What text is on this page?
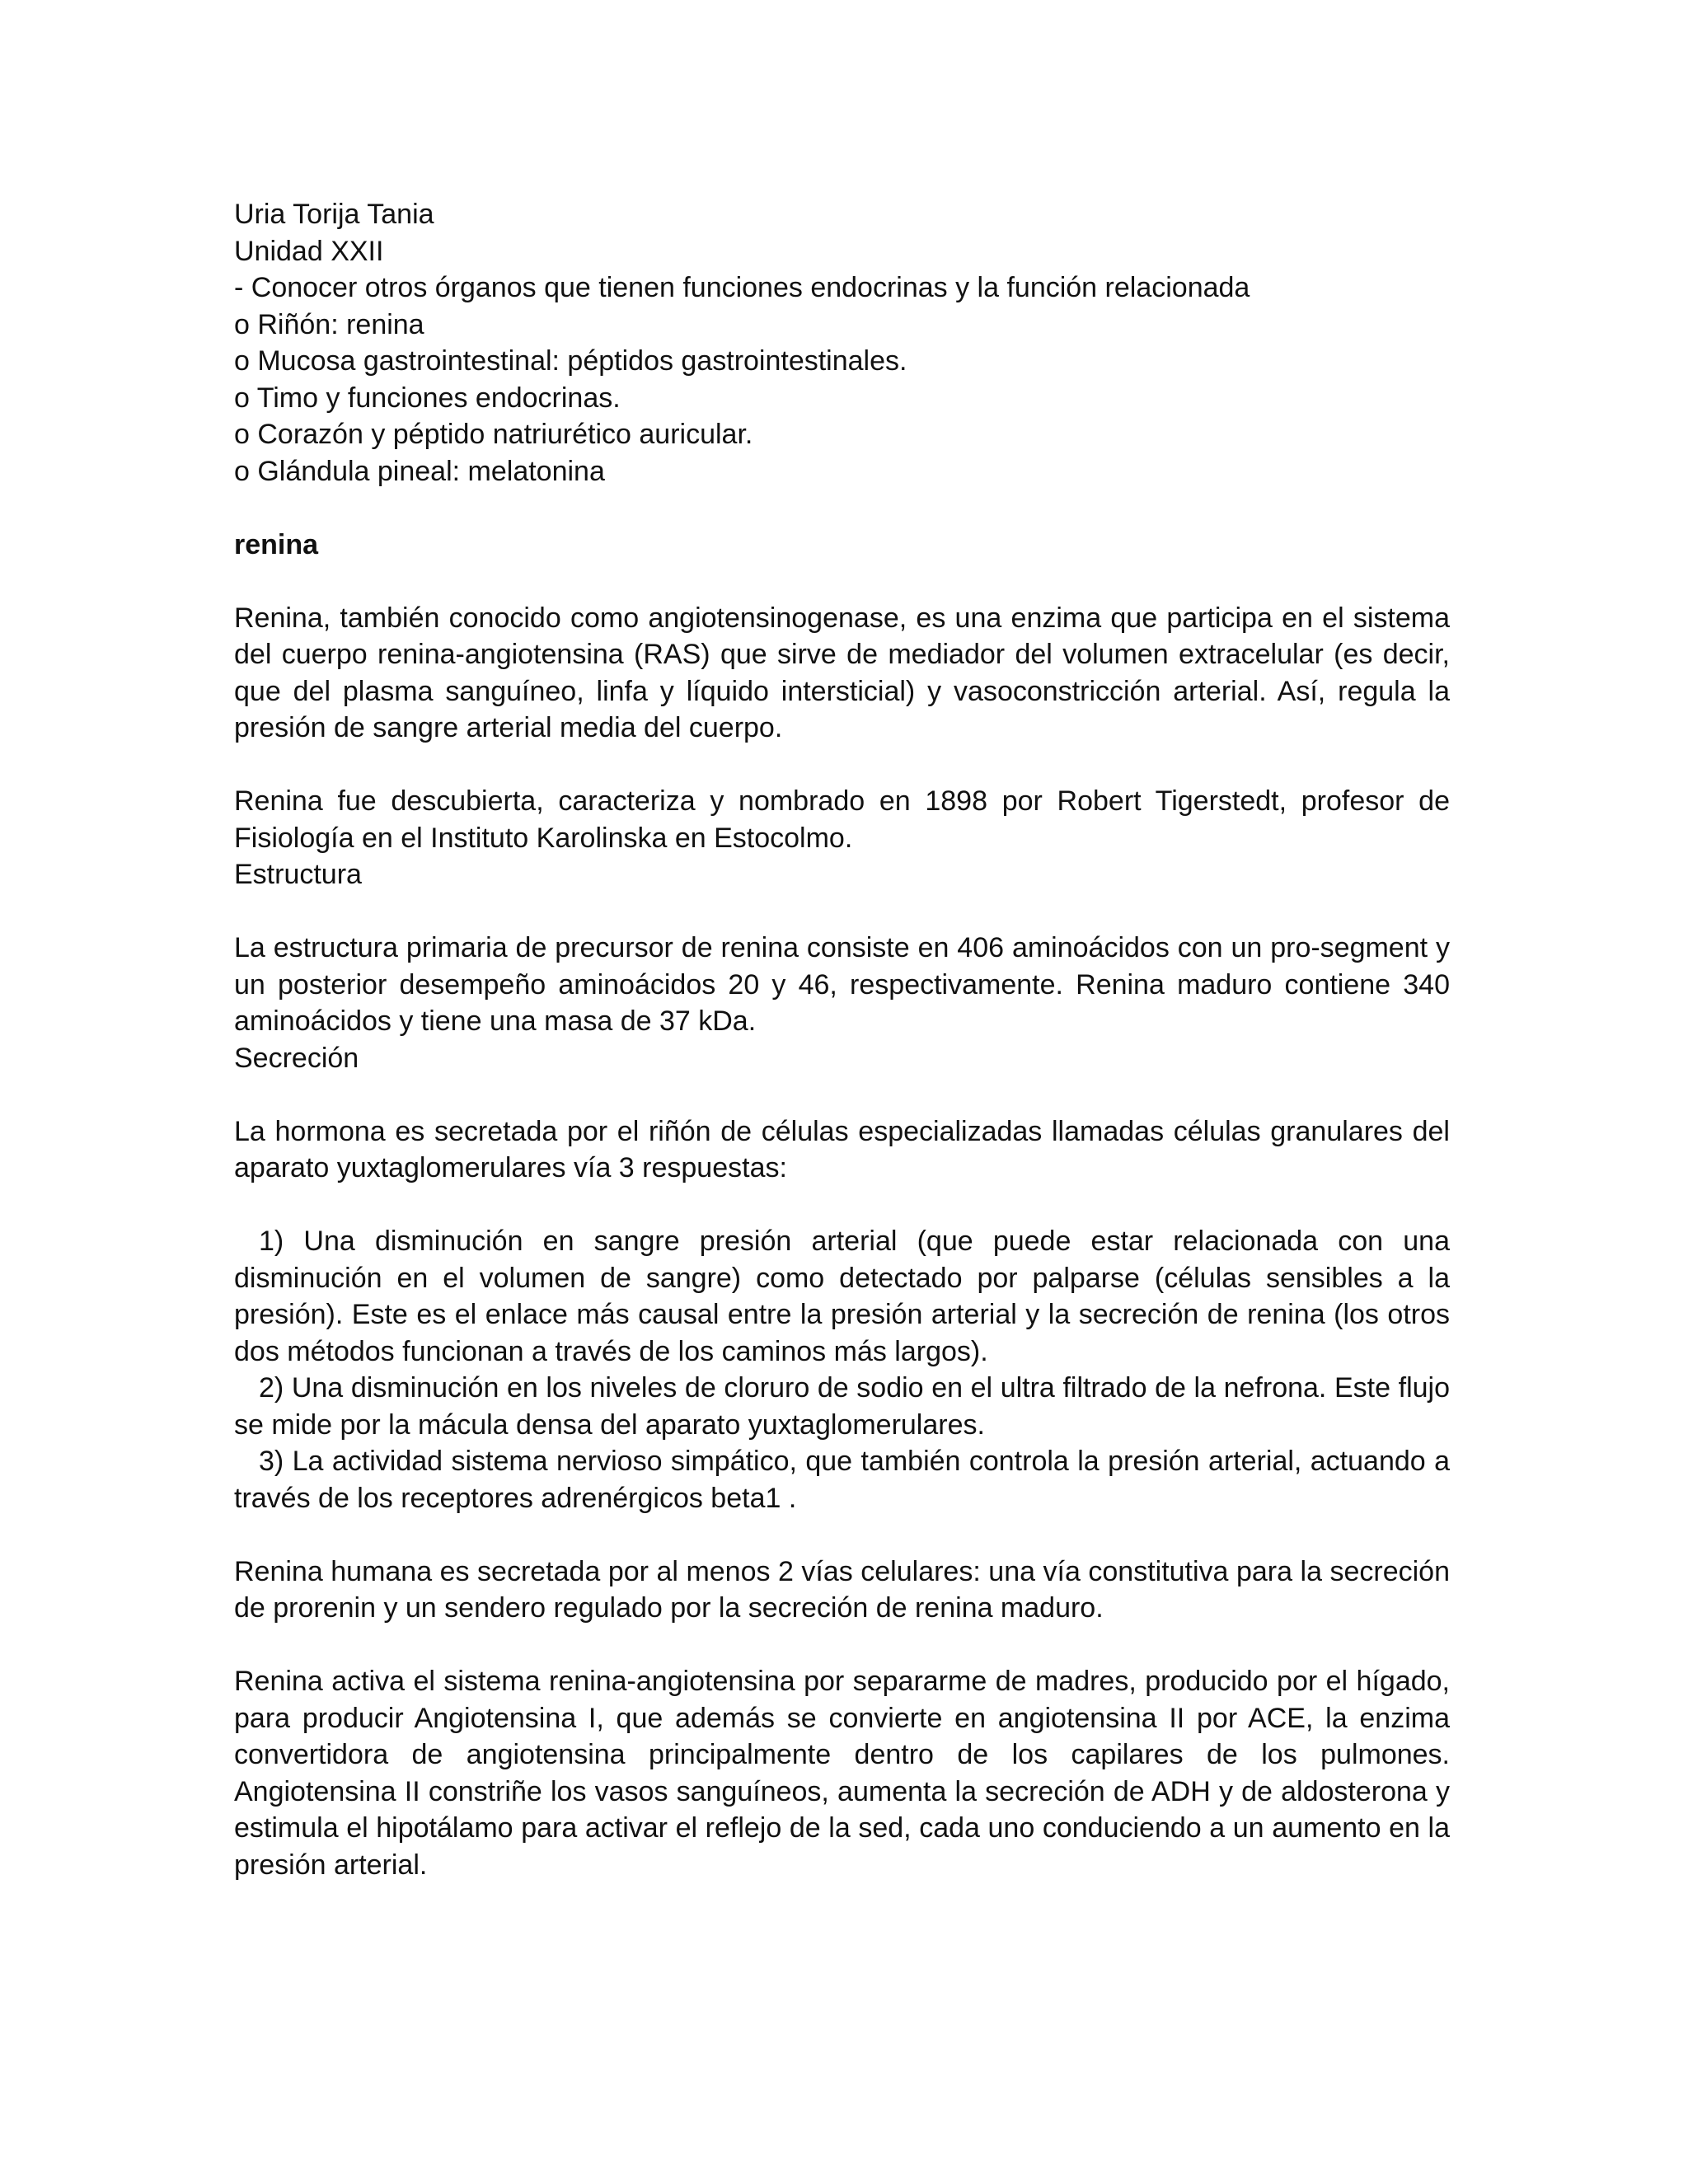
Uria Torija Tania
Unidad XXII
- Conocer otros órganos que tienen funciones endocrinas y la función relacionada
o Riñón: renina
o Mucosa gastrointestinal: péptidos gastrointestinales.
o Timo y funciones endocrinas.
o Corazón y péptido natriurético auricular.
o Glándula pineal: melatonina
renina
Renina, también conocido como angiotensinogenase, es una enzima que participa en el sistema del cuerpo renina-angiotensina (RAS) que sirve de mediador del volumen extracelular (es decir, que del plasma sanguíneo, linfa y líquido intersticial) y vasoconstricción arterial. Así, regula la presión de sangre arterial media del cuerpo.
Renina fue descubierta, caracteriza y nombrado en 1898 por Robert Tigerstedt, profesor de Fisiología en el Instituto Karolinska en Estocolmo.
Estructura
La estructura primaria de precursor de renina consiste en 406 aminoácidos con un pro-segment y un posterior desempeño aminoácidos 20 y 46, respectivamente. Renina maduro contiene 340 aminoácidos y tiene una masa de 37 kDa.
Secreción
La hormona es secretada por el riñón de células especializadas llamadas células granulares del aparato yuxtaglomerulares vía 3 respuestas:
1) Una disminución en sangre presión arterial (que puede estar relacionada con una disminución en el volumen de sangre) como detectado por palparse (células sensibles a la presión). Este es el enlace más causal entre la presión arterial y la secreción de renina (los otros dos métodos funcionan a través de los caminos más largos).
2) Una disminución en los niveles de cloruro de sodio en el ultra filtrado de la nefrona. Este flujo se mide por la mácula densa del aparato yuxtaglomerulares.
3) La actividad sistema nervioso simpático, que también controla la presión arterial, actuando a través de los receptores adrenérgicos beta1 .
Renina humana es secretada por al menos 2 vías celulares: una vía constitutiva para la secreción de prorenin y un sendero regulado por la secreción de renina maduro.
Renina activa el sistema renina-angiotensina por separarme de madres, producido por el hígado, para producir Angiotensina I, que además se convierte en angiotensina II por ACE, la enzima convertidora de angiotensina principalmente dentro de los capilares de los pulmones. Angiotensina II constriñe los vasos sanguíneos, aumenta la secreción de ADH y de aldosterona y estimula el hipotálamo para activar el reflejo de la sed, cada uno conduciendo a un aumento en la presión arterial.
